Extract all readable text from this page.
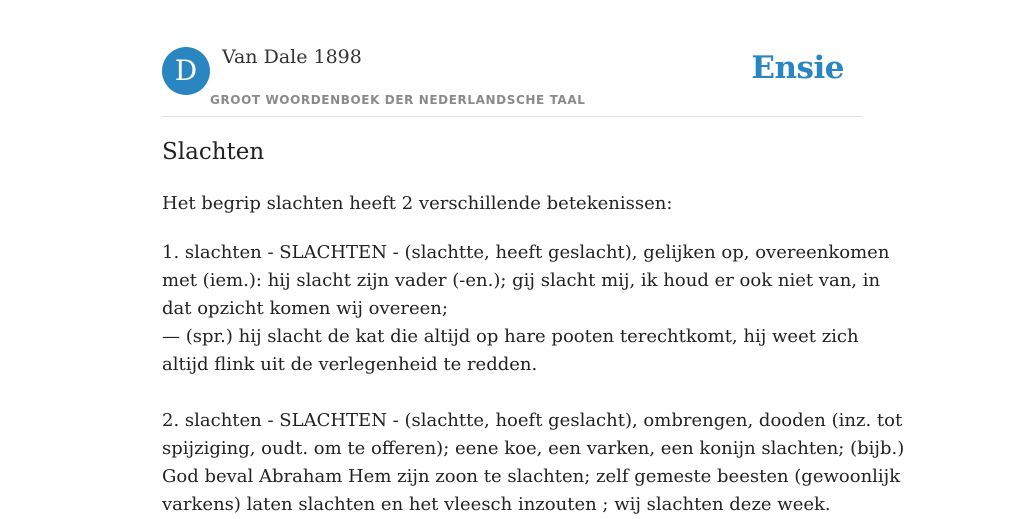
D	Van Dale 1898
GROOT WOORDENBOEK DER NEDERLANDSCHE TAAL
Ensie
Slachten
Het begrip slachten heeft 2 verschillende betekenissen:
1. slachten - SLACHTEN - (slachtte, heeft geslacht), gelijken op, overeenkomen
met (iem.): hij slacht zijn vader (-en.); gij slacht mij, ik houd er ook niet van, in
dat opzicht komen wij overeen;
— (spr.) hij slacht de kat die altijd op hare pooten terechtkomt, hij weet zich
altijd flink uit de verlegenheid te redden.
2. slachten - SLACHTEN - (slachtte, hoeft geslacht), ombrengen, dooden (inz. tot
spijziging, oudt. om te offeren); eene koe, een varken, een konijn slachten; (bijb.)
God beval Abraham Hem zijn zoon te slachten; zelf gemeste beesten (gewoonlijk
varkens) laten slachten en het vleesch inzouten ; wij slachten deze week.
